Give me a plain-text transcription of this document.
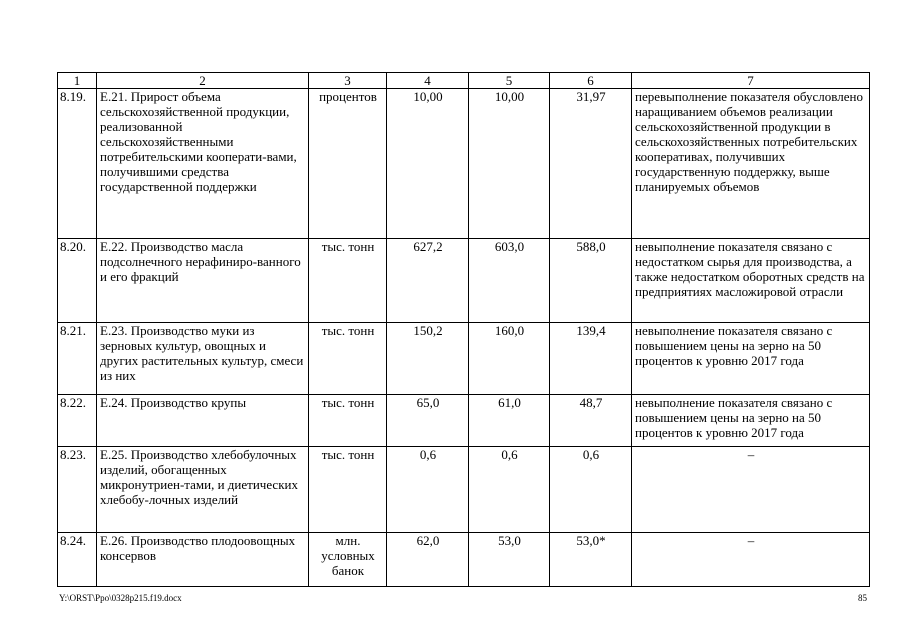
1	2	3	4	5	6	7
8.19.	Е.21. Прирост объема сельскохозяйственной продукции, реализованной сельскохозяйственными потребительскими кооперати-вами, получившими средства государственной поддержки	процентов	10,00	10,00	31,97	перевыполнение показателя обусловлено наращиванием объемов реализации сельскохозяйственной продукции в сельскохозяйственных потребительских кооперативах, получивших государственную поддержку, выше планируемых объемов
8.20.	Е.22. Производство масла подсолнечного нерафиниро-ванного и его фракций	тыс. тонн	627,2	603,0	588,0	невыполнение показателя связано с недостатком сырья для производства, а также недостатком оборотных средств на предприятиях масложировой отрасли
8.21.	Е.23. Производство муки из зерновых культур, овощных и других растительных культур, смеси из них	тыс. тонн	150,2	160,0	139,4	невыполнение показателя связано с повышением цены на зерно на 50 процентов к уровню 2017 года
8.22.	Е.24. Производство крупы	тыс. тонн	65,0	61,0	48,7	невыполнение показателя связано с повышением цены на зерно на 50 процентов к уровню 2017 года
8.23.	Е.25. Производство хлебобулочных изделий, обогащенных микронутриен-тами, и диетических хлебобу-лочных изделий	тыс. тонн	0,6	0,6	0,6	–
8.24.	Е.26. Производство плодоовощных консервов	млн. условных банок	62,0	53,0	53,0*	–
Y:\ORST\Ppo\0328p215.f19.docx	85
